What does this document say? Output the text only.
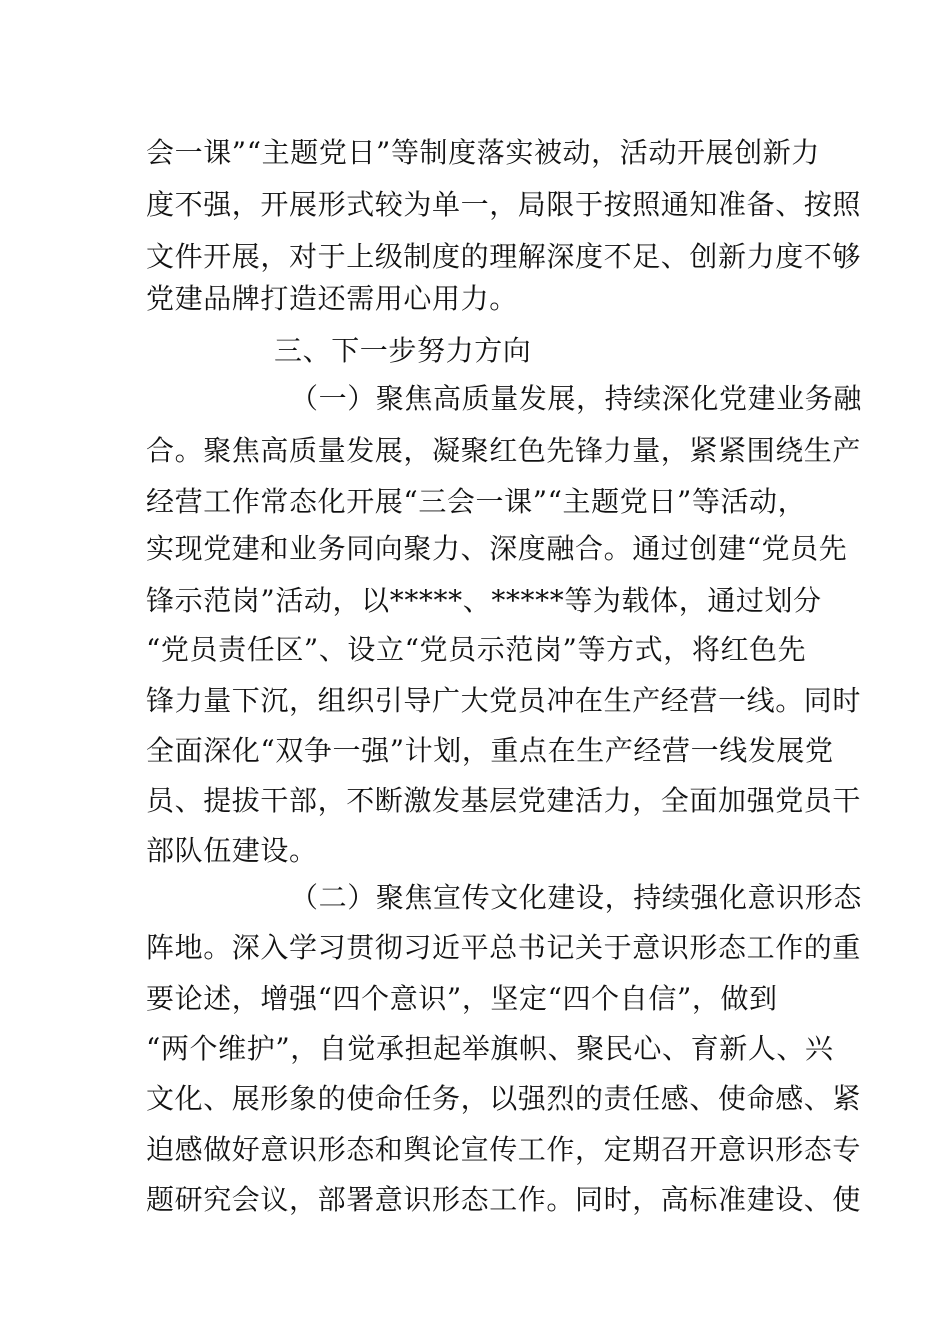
会一课”“主题党日”等制度落实被动，活动开展创新力
度不强，开展形式较为单一，局限于按照通知准备、按照
文件开展，对于上级制度的理解深度不足、创新力度不够
党建品牌打造还需用心用力。
三、下一步努力方向
（一）聚焦高质量发展，持续深化党建业务融
合。聚焦高质量发展，凝聚红色先锋力量，紧紧围绕生产
经营工作常态化开展“三会一课”“主题党日”等活动，
实现党建和业务同向聚力、深度融合。通过创建“党员先
锋示范岗”活动，以*****、*****等为载体，通过划分
“党员责任区”、设立“党员示范岗”等方式，将红色先
锋力量下沉，组织引导广大党员冲在生产经营一线。同时
全面深化“双争一强”计划，重点在生产经营一线发展党
员、提拔干部，不断激发基层党建活力，全面加强党员干
部队伍建设。
（二）聚焦宣传文化建设，持续强化意识形态
阵地。深入学习贯彻习近平总书记关于意识形态工作的重
要论述，增强“四个意识”，坚定“四个自信”，做到
“两个维护”，自觉承担起举旗帜、聚民心、育新人、兴
文化、展形象的使命任务，以强烈的责任感、使命感、紧
迫感做好意识形态和舆论宣传工作，定期召开意识形态专
题研究会议，部署意识形态工作。同时，高标准建设、使
